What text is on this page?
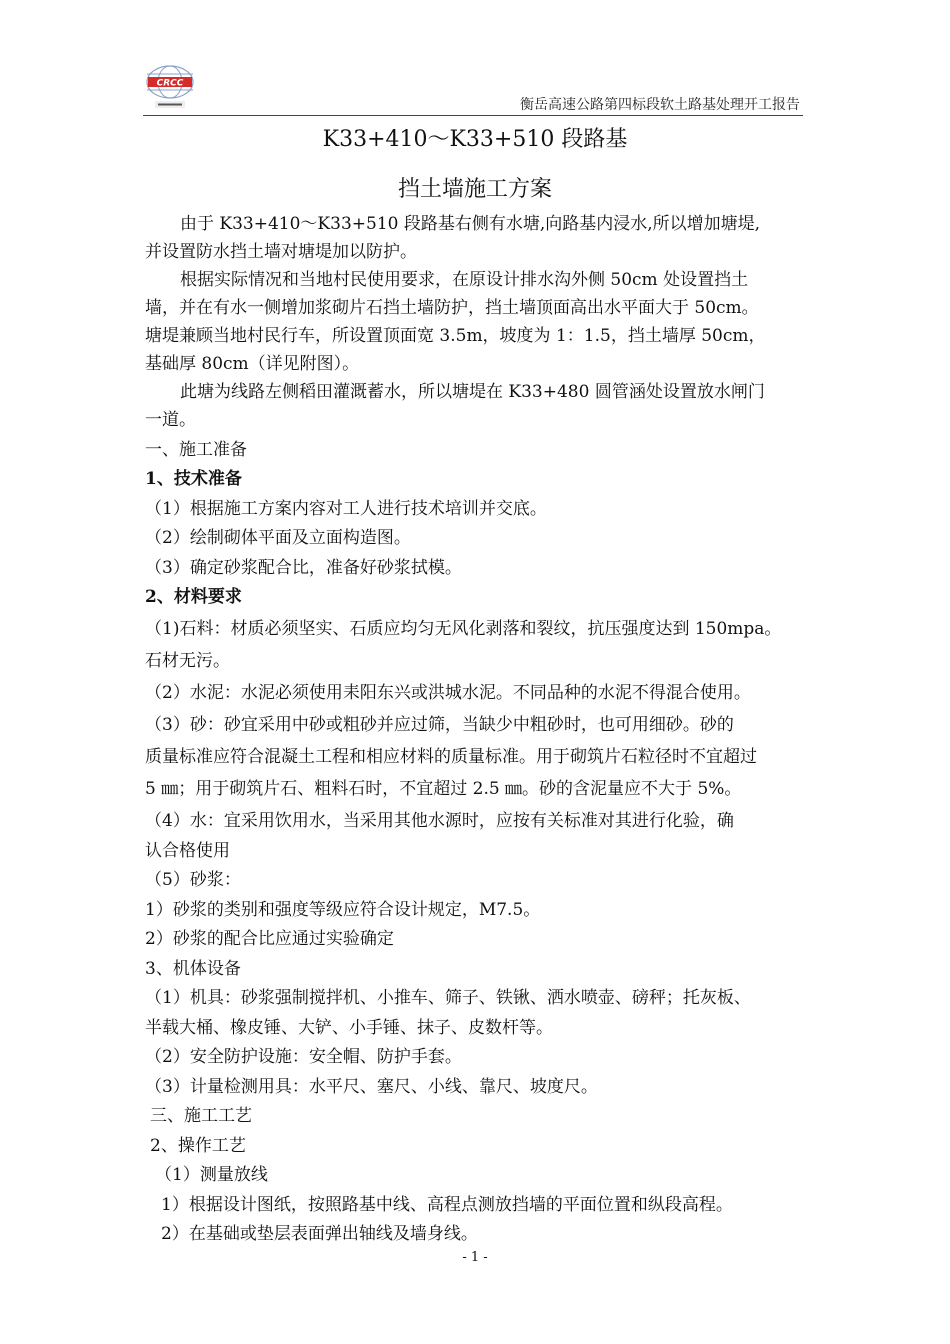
CRCC
衡岳高速公路第四标段软土路基处理开工报告
K33+410～K33+510 段路基
挡土墙施工方案
由于 K33+410～K33+510 段路基右侧有水塘,向路基内浸水,所以增加塘堤,
并设置防水挡土墙对塘堤加以防护。
根据实际情况和当地村民使用要求，在原设计排水沟外侧 50cm 处设置挡土
墙，并在有水一侧增加浆砌片石挡土墙防护，挡土墙顶面高出水平面大于 50cm。
塘堤兼顾当地村民行车，所设置顶面宽 3.5m，坡度为 1：1.5，挡土墙厚 50cm，
基础厚 80cm（详见附图）。
此塘为线路左侧稻田灌溉蓄水，所以塘堤在 K33+480 圆管涵处设置放水闸门
一道。
一、施工准备
1、技术准备
（1）根据施工方案内容对工人进行技术培训并交底。
（2）绘制砌体平面及立面构造图。
（3）确定砂浆配合比，准备好砂浆拭模。
2、材料要求
（1)石料：材质必须坚实、石质应均匀无风化剥落和裂纹，抗压强度达到 150mpa。
石材无污。
（2）水泥：水泥必须使用耒阳东兴或洪城水泥。不同品种的水泥不得混合使用。
（3）砂：砂宜采用中砂或粗砂并应过筛，当缺少中粗砂时，也可用细砂。砂的
质量标准应符合混凝土工程和相应材料的质量标准。用于砌筑片石粒径时不宜超过
5 ㎜；用于砌筑片石、粗料石时，不宜超过 2.5 ㎜。砂的含泥量应不大于 5%。
（4）水：宜采用饮用水，当采用其他水源时，应按有关标准对其进行化验，确
认合格使用
（5）砂浆：
1）砂浆的类别和强度等级应符合设计规定，M7.5。
2）砂浆的配合比应通过实验确定
3、机体设备
（1）机具：砂浆强制搅拌机、小推车、筛子、铁锹、洒水喷壶、磅秤；托灰板、
半载大桶、橡皮锤、大铲、小手锤、抹子、皮数杆等。
（2）安全防护设施：安全帽、防护手套。
（3）计量检测用具：水平尺、塞尺、小线、靠尺、坡度尺。
三、施工工艺
2、操作工艺
（1）测量放线
1）根据设计图纸，按照路基中线、高程点测放挡墙的平面位置和纵段高程。
2）在基础或垫层表面弹出轴线及墙身线。
- 1 -
